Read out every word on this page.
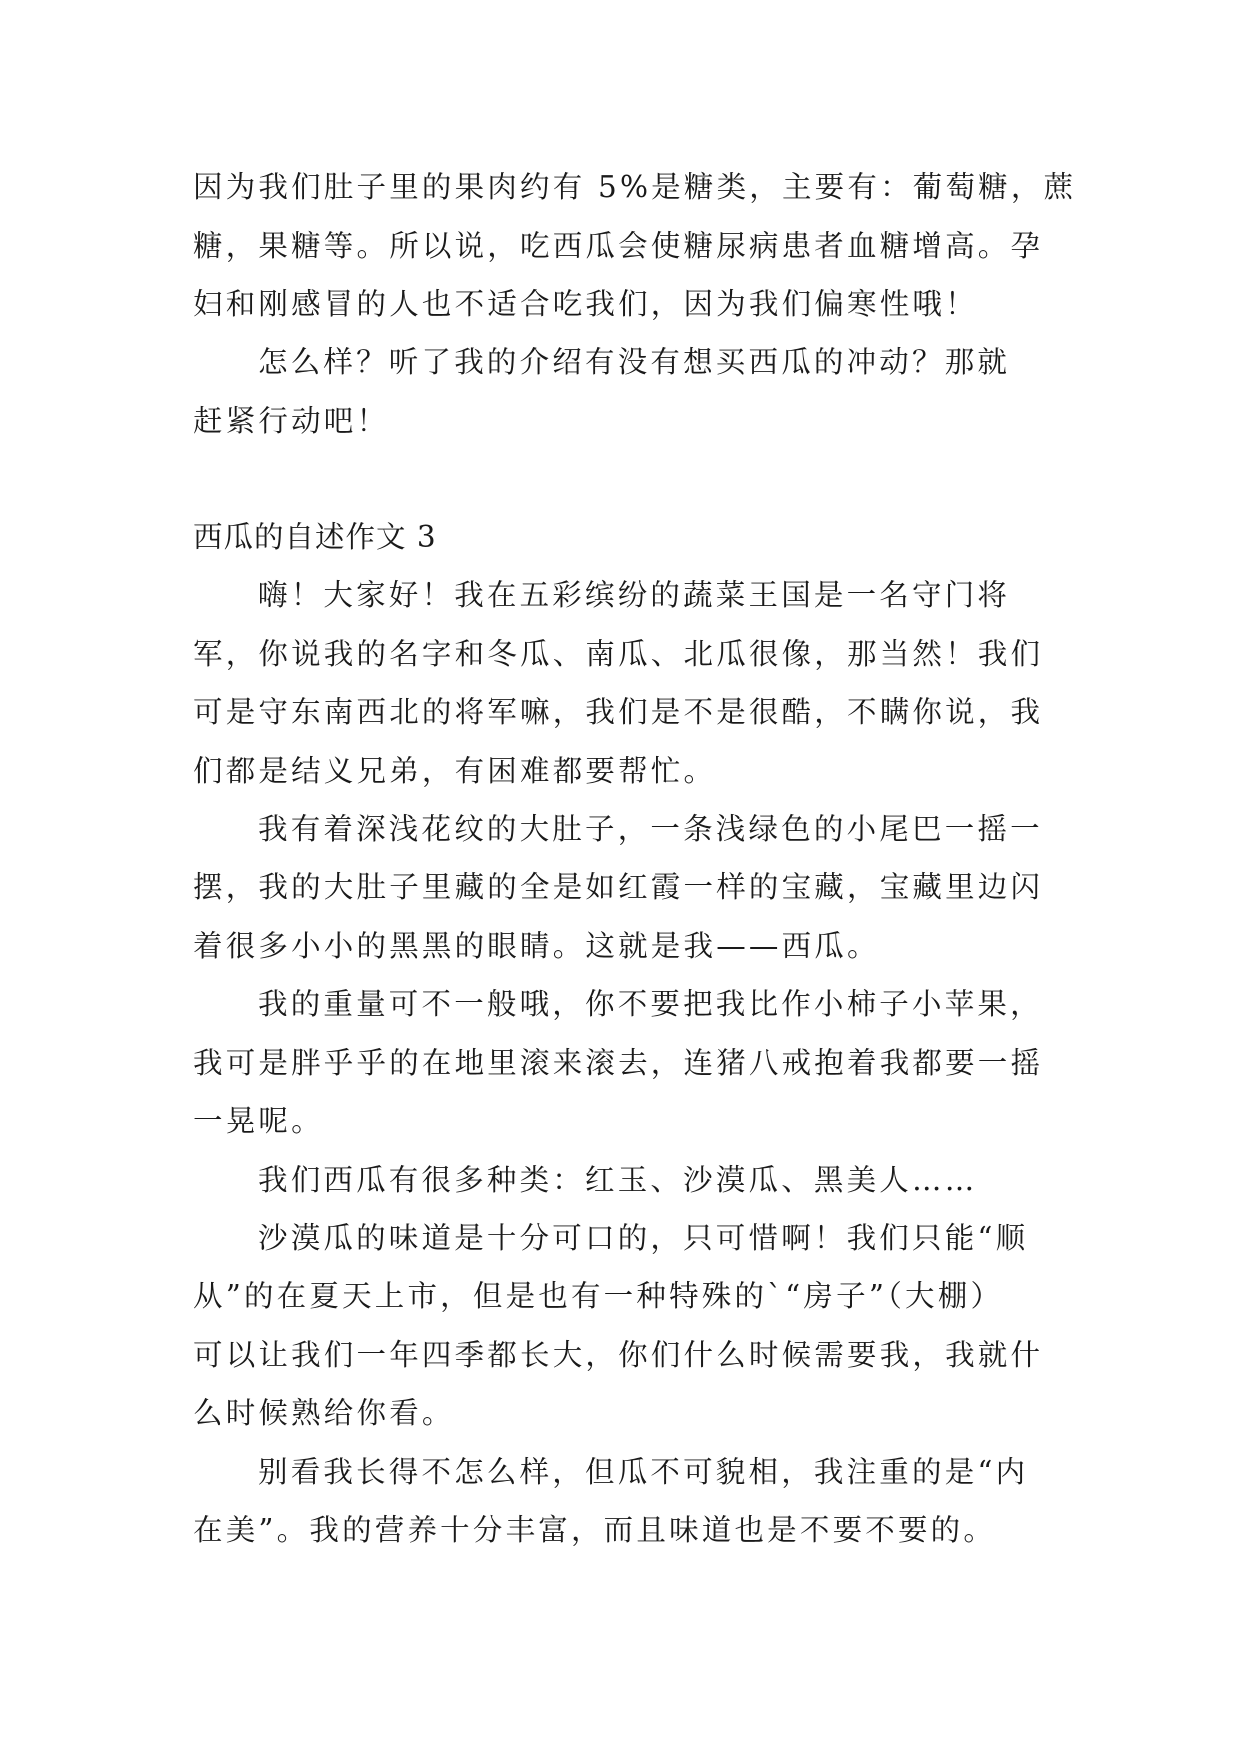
因为我们肚子里的果肉约有 5%是糖类，主要有：葡萄糖，蔗
糖，果糖等。所以说，吃西瓜会使糖尿病患者血糖增高。孕
妇和刚感冒的人也不适合吃我们，因为我们偏寒性哦！
怎么样？听了我的介绍有没有想买西瓜的冲动？那就
赶紧行动吧！
西瓜的自述作文 3
嗨！大家好！我在五彩缤纷的蔬菜王国是一名守门将
军，你说我的名字和冬瓜、南瓜、北瓜很像，那当然！我们
可是守东南西北的将军嘛，我们是不是很酷，不瞒你说，我
们都是结义兄弟，有困难都要帮忙。
我有着深浅花纹的大肚子，一条浅绿色的小尾巴一摇一
摆，我的大肚子里藏的全是如红霞一样的宝藏，宝藏里边闪
着很多小小的黑黑的眼睛。这就是我——西瓜。
我的重量可不一般哦，你不要把我比作小柿子小苹果，
我可是胖乎乎的在地里滚来滚去，连猪八戒抱着我都要一摇
一晃呢。
我们西瓜有很多种类：红玉、沙漠瓜、黑美人……
沙漠瓜的味道是十分可口的，只可惜啊！我们只能“顺
从”的在夏天上市，但是也有一种特殊的`“房子”（大棚）
可以让我们一年四季都长大，你们什么时候需要我，我就什
么时候熟给你看。
别看我长得不怎么样，但瓜不可貌相，我注重的是“内
在美”。我的营养十分丰富，而且味道也是不要不要的。
